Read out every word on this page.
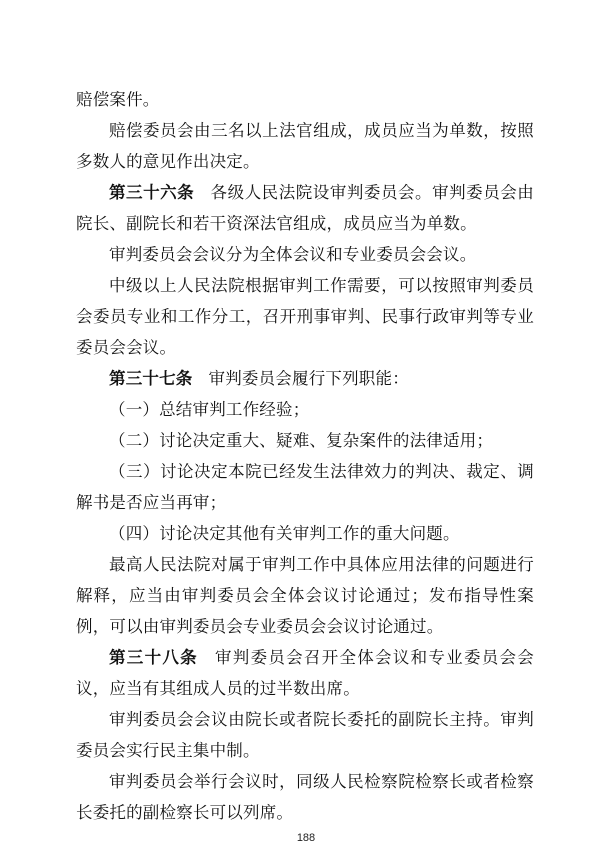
赔偿案件。

赔偿委员会由三名以上法官组成，成员应当为单数，按照多数人的意见作出决定。

第三十六条 各级人民法院设审判委员会。审判委员会由院长、副院长和若干资深法官组成，成员应当为单数。

审判委员会会议分为全体会议和专业委员会会议。

中级以上人民法院根据审判工作需要，可以按照审判委员会委员专业和工作分工，召开刑事审判、民事行政审判等专业委员会会议。

第三十七条 审判委员会履行下列职能：

（一）总结审判工作经验；

（二）讨论决定重大、疑难、复杂案件的法律适用；

（三）讨论决定本院已经发生法律效力的判决、裁定、调解书是否应当再审；

（四）讨论决定其他有关审判工作的重大问题。

最高人民法院对属于审判工作中具体应用法律的问题进行解释，应当由审判委员会全体会议讨论通过；发布指导性案例，可以由审判委员会专业委员会会议讨论通过。

第三十八条 审判委员会召开全体会议和专业委员会会议，应当有其组成人员的过半数出席。

审判委员会会议由院长或者院长委托的副院长主持。审判委员会实行民主集中制。

审判委员会举行会议时，同级人民检察院检察长或者检察长委托的副检察长可以列席。

188
